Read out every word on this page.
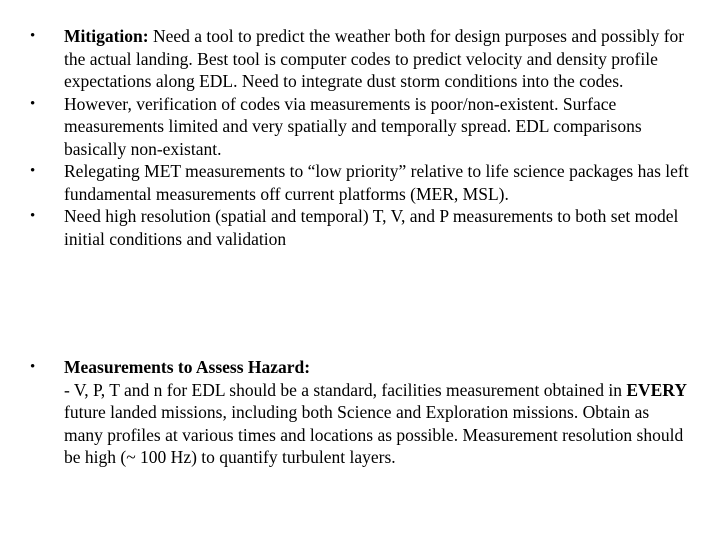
• Mitigation: Need a tool to predict the weather both for design purposes and possibly for the actual landing. Best tool is computer codes to predict velocity and density profile expectations along EDL. Need to integrate dust storm conditions into the codes.

• However, verification of codes via measurements is poor/non-existent. Surface measurements limited and very spatially and temporally spread. EDL comparisons basically non-existant.

• Relegating MET measurements to “low priority” relative to life science packages has left fundamental measurements off current platforms (MER, MSL).

• Need high resolution (spatial and temporal) T, V, and P measurements to both set model initial conditions and validation

• Measurements to Assess Hazard:
- V, P, T and n for EDL should be a standard, facilities measurement obtained in EVERY future landed missions, including both Science and Exploration missions. Obtain as many profiles at various times and locations as possible. Measurement resolution should be high (~ 100 Hz) to quantify turbulent layers.
